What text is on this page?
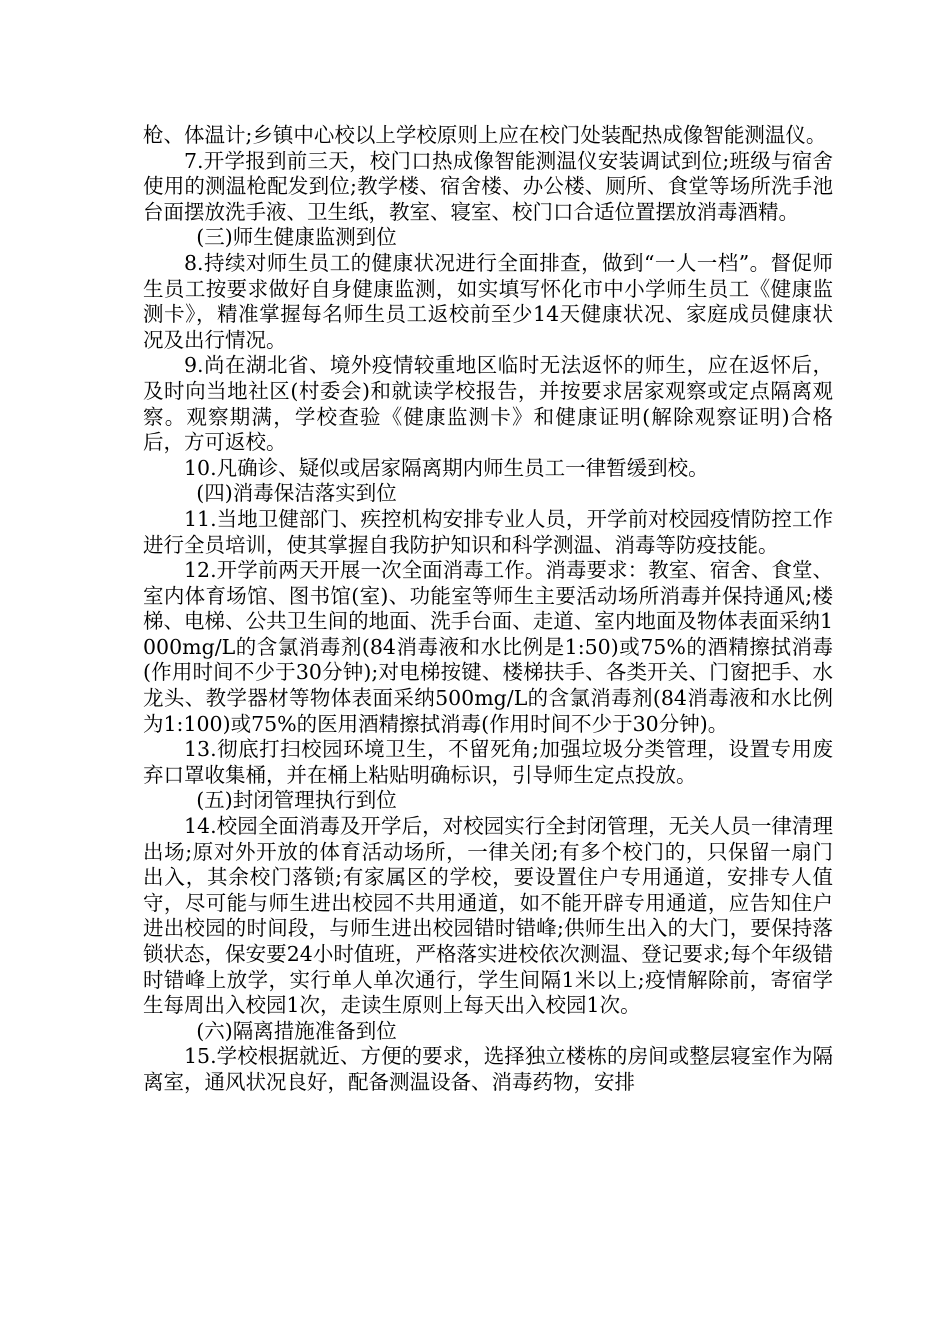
枪、体温计;乡镇中心校以上学校原则上应在校门处装配热成像智能测温仪。

7.开学报到前三天，校门口热成像智能测温仪安装调试到位;班级与宿舍使用的测温枪配发到位;教学楼、宿舍楼、办公楼、厕所、食堂等场所洗手池台面摆放洗手液、卫生纸，教室、寝室、校门口合适位置摆放消毒酒精。

(三)师生健康监测到位

8.持续对师生员工的健康状况进行全面排查，做到“一人一档”。督促师生员工按要求做好自身健康监测，如实填写怀化市中小学师生员工《健康监测卡》，精准掌握每名师生员工返校前至少14天健康状况、家庭成员健康状况及出行情况。

9.尚在湖北省、境外疫情较重地区临时无法返怀的师生，应在返怀后，及时向当地社区(村委会)和就读学校报告，并按要求居家观察或定点隔离观察。观察期满，学校查验《健康监测卡》和健康证明(解除观察证明)合格后，方可返校。

10.凡确诊、疑似或居家隔离期内师生员工一律暂缓到校。

(四)消毒保洁落实到位

11.当地卫健部门、疾控机构安排专业人员，开学前对校园疫情防控工作进行全员培训，使其掌握自我防护知识和科学测温、消毒等防疫技能。

12.开学前两天开展一次全面消毒工作。消毒要求：教室、宿舍、食堂、室内体育场馆、图书馆(室)、功能室等师生主要活动场所消毒并保持通风;楼梯、电梯、公共卫生间的地面、洗手台面、走道、室内地面及物体表面采纳1000mg/L的含氯消毒剂(84消毒液和水比例是1:50)或75%的酒精擦拭消毒(作用时间不少于30分钟);对电梯按键、楼梯扶手、各类开关、门窗把手、水龙头、教学器材等物体表面采纳500mg/L的含氯消毒剂(84消毒液和水比例为1:100)或75%的医用酒精擦拭消毒(作用时间不少于30分钟)。

13.彻底打扫校园环境卫生，不留死角;加强垃圾分类管理，设置专用废弃口罩收集桶，并在桶上粘贴明确标识，引导师生定点投放。

(五)封闭管理执行到位

14.校园全面消毒及开学后，对校园实行全封闭管理，无关人员一律清理出场;原对外开放的体育活动场所，一律关闭;有多个校门的，只保留一扇门出入，其余校门落锁;有家属区的学校，要设置住户专用通道，安排专人值守，尽可能与师生进出校园不共用通道，如不能开辟专用通道，应告知住户进出校园的时间段，与师生进出校园错时错峰;供师生出入的大门，要保持落锁状态，保安要24小时值班，严格落实进校依次测温、登记要求;每个年级错时错峰上放学，实行单人单次通行，学生间隔1米以上;疫情解除前，寄宿学生每周出入校园1次，走读生原则上每天出入校园1次。

(六)隔离措施准备到位

15.学校根据就近、方便的要求，选择独立楼栋的房间或整层寝室作为隔离室，通风状况良好，配备测温设备、消毒药物，安排
